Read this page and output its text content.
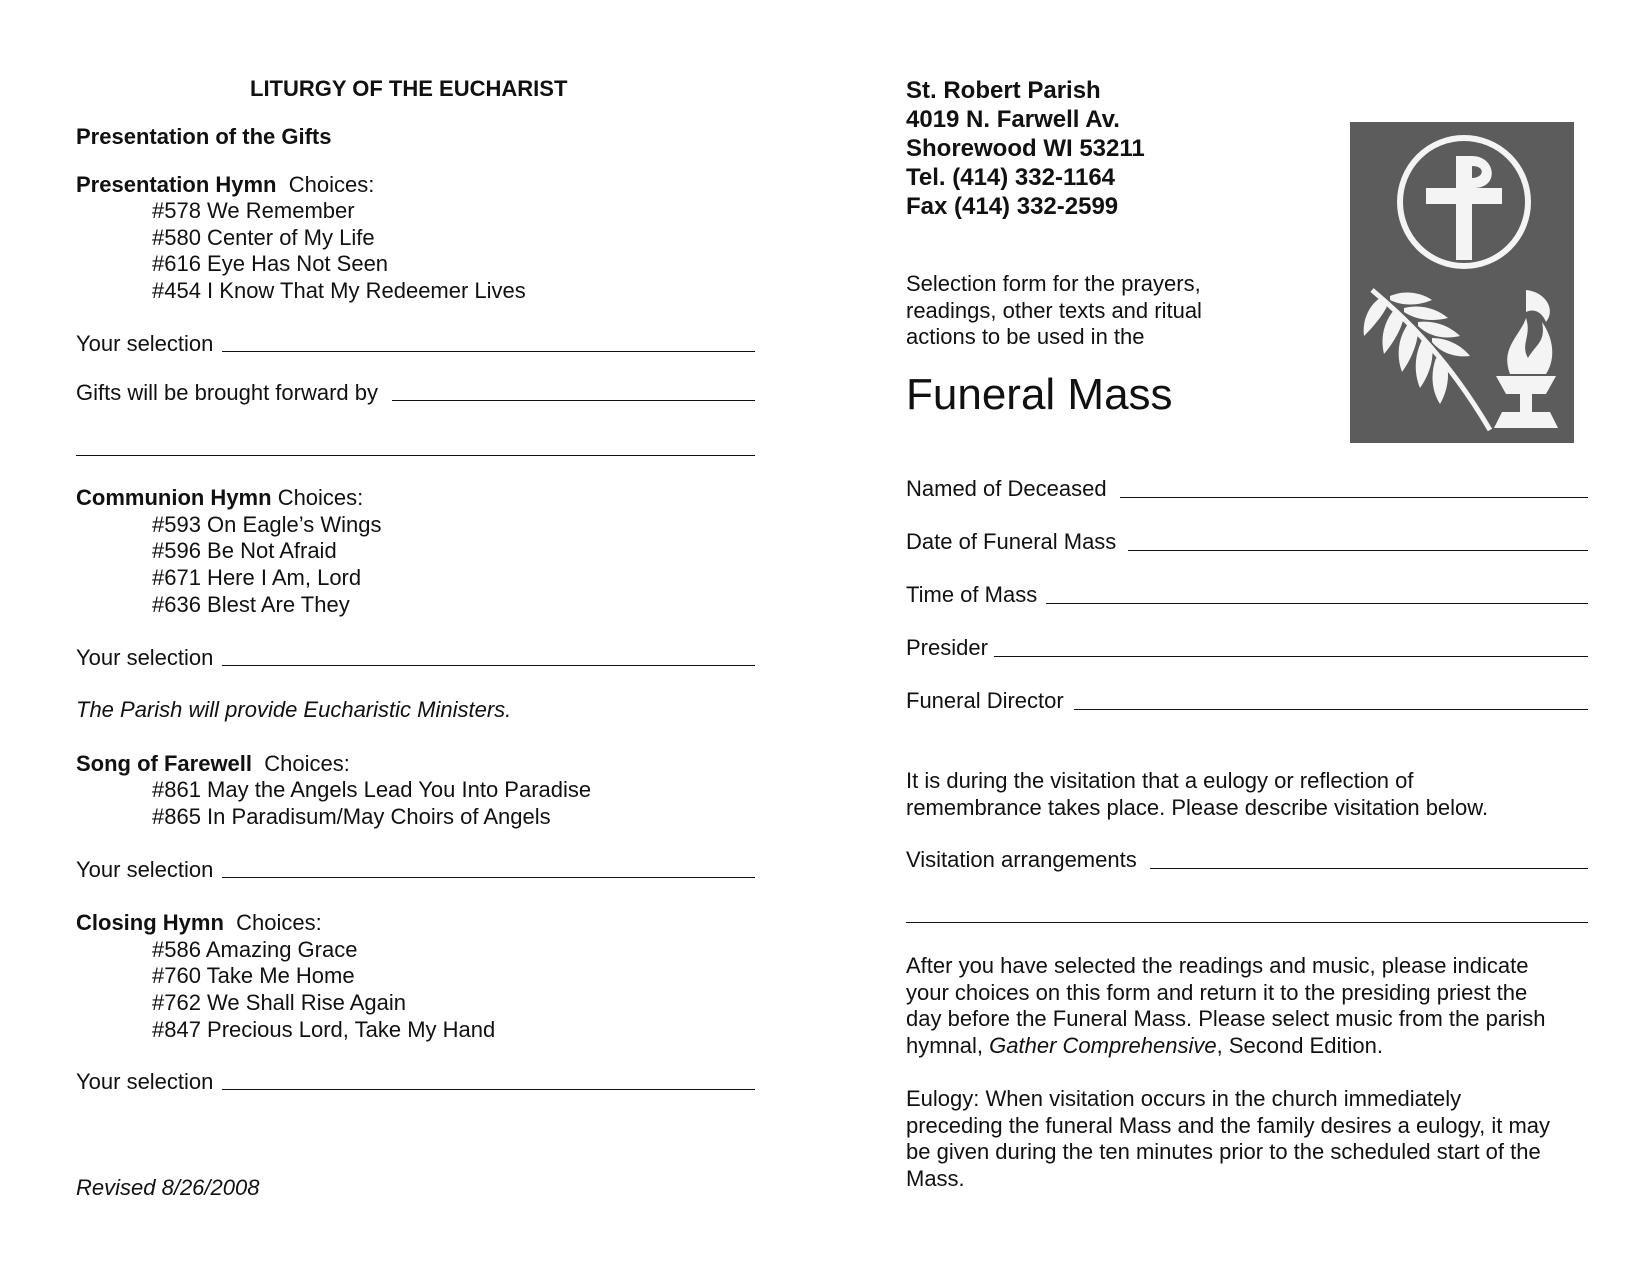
LITURGY OF THE EUCHARIST
Presentation of the Gifts
Presentation Hymn Choices:
#578 We Remember
#580 Center of My Life
#616 Eye Has Not Seen
#454 I Know That My Redeemer Lives
Your selection
Gifts will be brought forward by
Communion Hymn Choices:
#593 On Eagle’s Wings
#596 Be Not Afraid
#671 Here I Am, Lord
#636 Blest Are They
Your selection
The Parish will provide Eucharistic Ministers.
Song of Farewell Choices:
#861 May the Angels Lead You Into Paradise
#865 In Paradisum/May Choirs of Angels
Your selection
Closing Hymn Choices:
#586 Amazing Grace
#760 Take Me Home
#762 We Shall Rise Again
#847 Precious Lord, Take My Hand
Your selection
Revised 8/26/2008
St. Robert Parish
4019 N. Farwell Av.
Shorewood WI 53211
Tel. (414) 332-1164
Fax (414) 332-2599
Selection form for the prayers,
readings, other texts and ritual
actions to be used in the
Funeral Mass
Named of Deceased
Date of Funeral Mass
Time of Mass
Presider
Funeral Director
It is during the visitation that a eulogy or reflection of
remembrance takes place. Please describe visitation below.
Visitation arrangements
After you have selected the readings and music, please indicate
your choices on this form and return it to the presiding priest the
day before the Funeral Mass. Please select music from the parish
hymnal, Gather Comprehensive, Second Edition.
Eulogy: When visitation occurs in the church immediately
preceding the funeral Mass and the family desires a eulogy, it may
be given during the ten minutes prior to the scheduled start of the
Mass.
